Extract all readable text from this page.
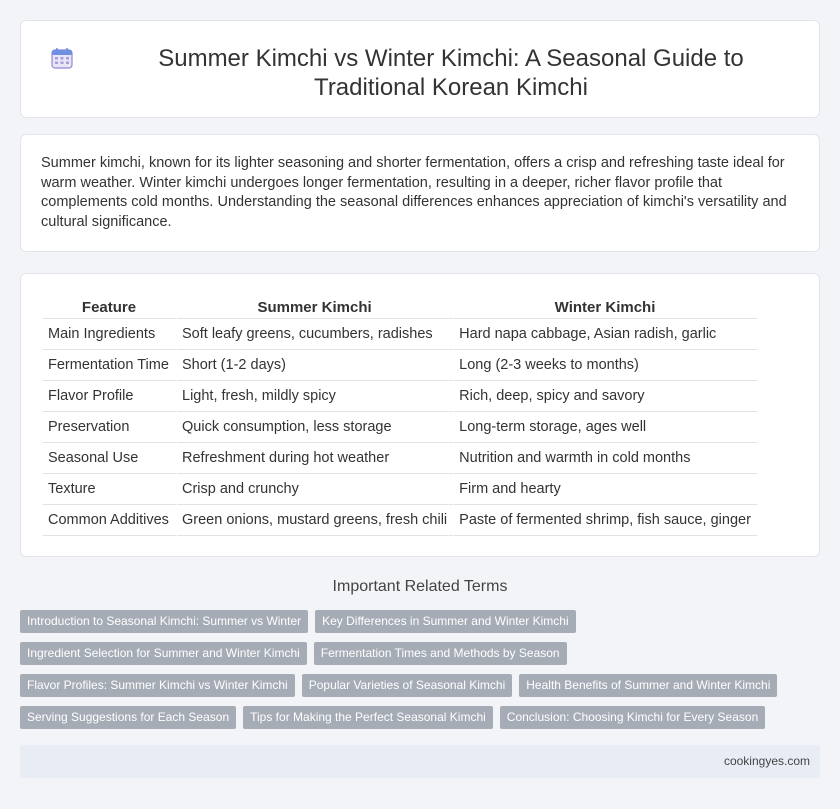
Summer Kimchi vs Winter Kimchi: A Seasonal Guide to Traditional Korean Kimchi

Summer kimchi, known for its lighter seasoning and shorter fermentation, offers a crisp and refreshing taste ideal for warm weather. Winter kimchi undergoes longer fermentation, resulting in a deeper, richer flavor profile that complements cold months. Understanding the seasonal differences enhances appreciation of kimchi's versatility and cultural significance.

Feature	Summer Kimchi	Winter Kimchi
Main Ingredients	Soft leafy greens, cucumbers, radishes	Hard napa cabbage, Asian radish, garlic
Fermentation Time	Short (1-2 days)	Long (2-3 weeks to months)
Flavor Profile	Light, fresh, mildly spicy	Rich, deep, spicy and savory
Preservation	Quick consumption, less storage	Long-term storage, ages well
Seasonal Use	Refreshment during hot weather	Nutrition and warmth in cold months
Texture	Crisp and crunchy	Firm and hearty
Common Additives	Green onions, mustard greens, fresh chili	Paste of fermented shrimp, fish sauce, ginger
Important Related Terms
Introduction to Seasonal Kimchi: Summer vs Winter	Key Differences in Summer and Winter Kimchi
Ingredient Selection for Summer and Winter Kimchi	Fermentation Times and Methods by Season
Flavor Profiles: Summer Kimchi vs Winter Kimchi	Popular Varieties of Seasonal Kimchi	Health Benefits of Summer and Winter Kimchi
Serving Suggestions for Each Season	Tips for Making the Perfect Seasonal Kimchi	Conclusion: Choosing Kimchi for Every Season
cookingyes.com
